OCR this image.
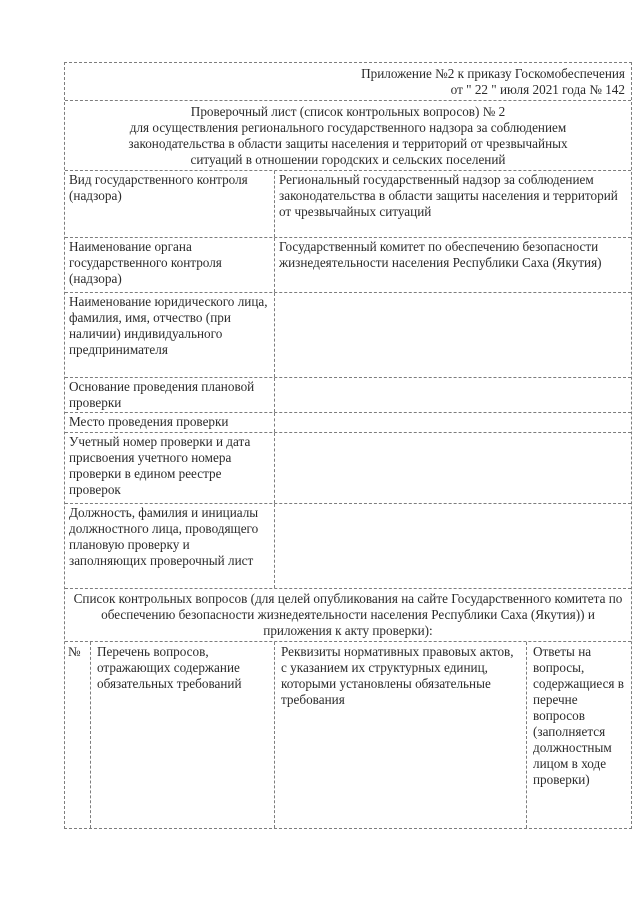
Приложение №2 к приказу Госкомобеспечения
от " 22 " июля 2021 года № 142
Проверочный лист (список контрольных вопросов) № 2
для осуществления регионального государственного надзора за соблюдением
законодательства в области защиты населения и территорий от чрезвычайных
ситуаций в отношении городских и сельских поселений
Вид государственного контроля (надзора)
Региональный государственный надзор за соблюдением законодательства в области защиты населения и территорий от чрезвычайных ситуаций
Наименование органа государственного контроля (надзора)
Государственный комитет по обеспечению безопасности жизнедеятельности населения Республики Саха (Якутия)
Наименование юридического лица, фамилия, имя, отчество (при наличии) индивидуального предпринимателя
Основание проведения плановой проверки
Место проведения проверки
Учетный номер проверки и дата присвоения учетного номера проверки в едином реестре проверок
Должность, фамилия и инициалы должностного лица, проводящего плановую проверку и заполняющих проверочный лист
Список контрольных вопросов (для целей опубликования на сайте Государственного комитета по обеспечению безопасности жизнедеятельности населения Республики Саха (Якутия)) и приложения к акту проверки):
№	Перечень вопросов, отражающих содержание обязательных требований
Реквизиты нормативных правовых актов, с указанием их структурных единиц, которыми установлены обязательные требования
Ответы на вопросы, содержащиеся в перечне вопросов (заполняется должностным лицом в ходе проверки)
